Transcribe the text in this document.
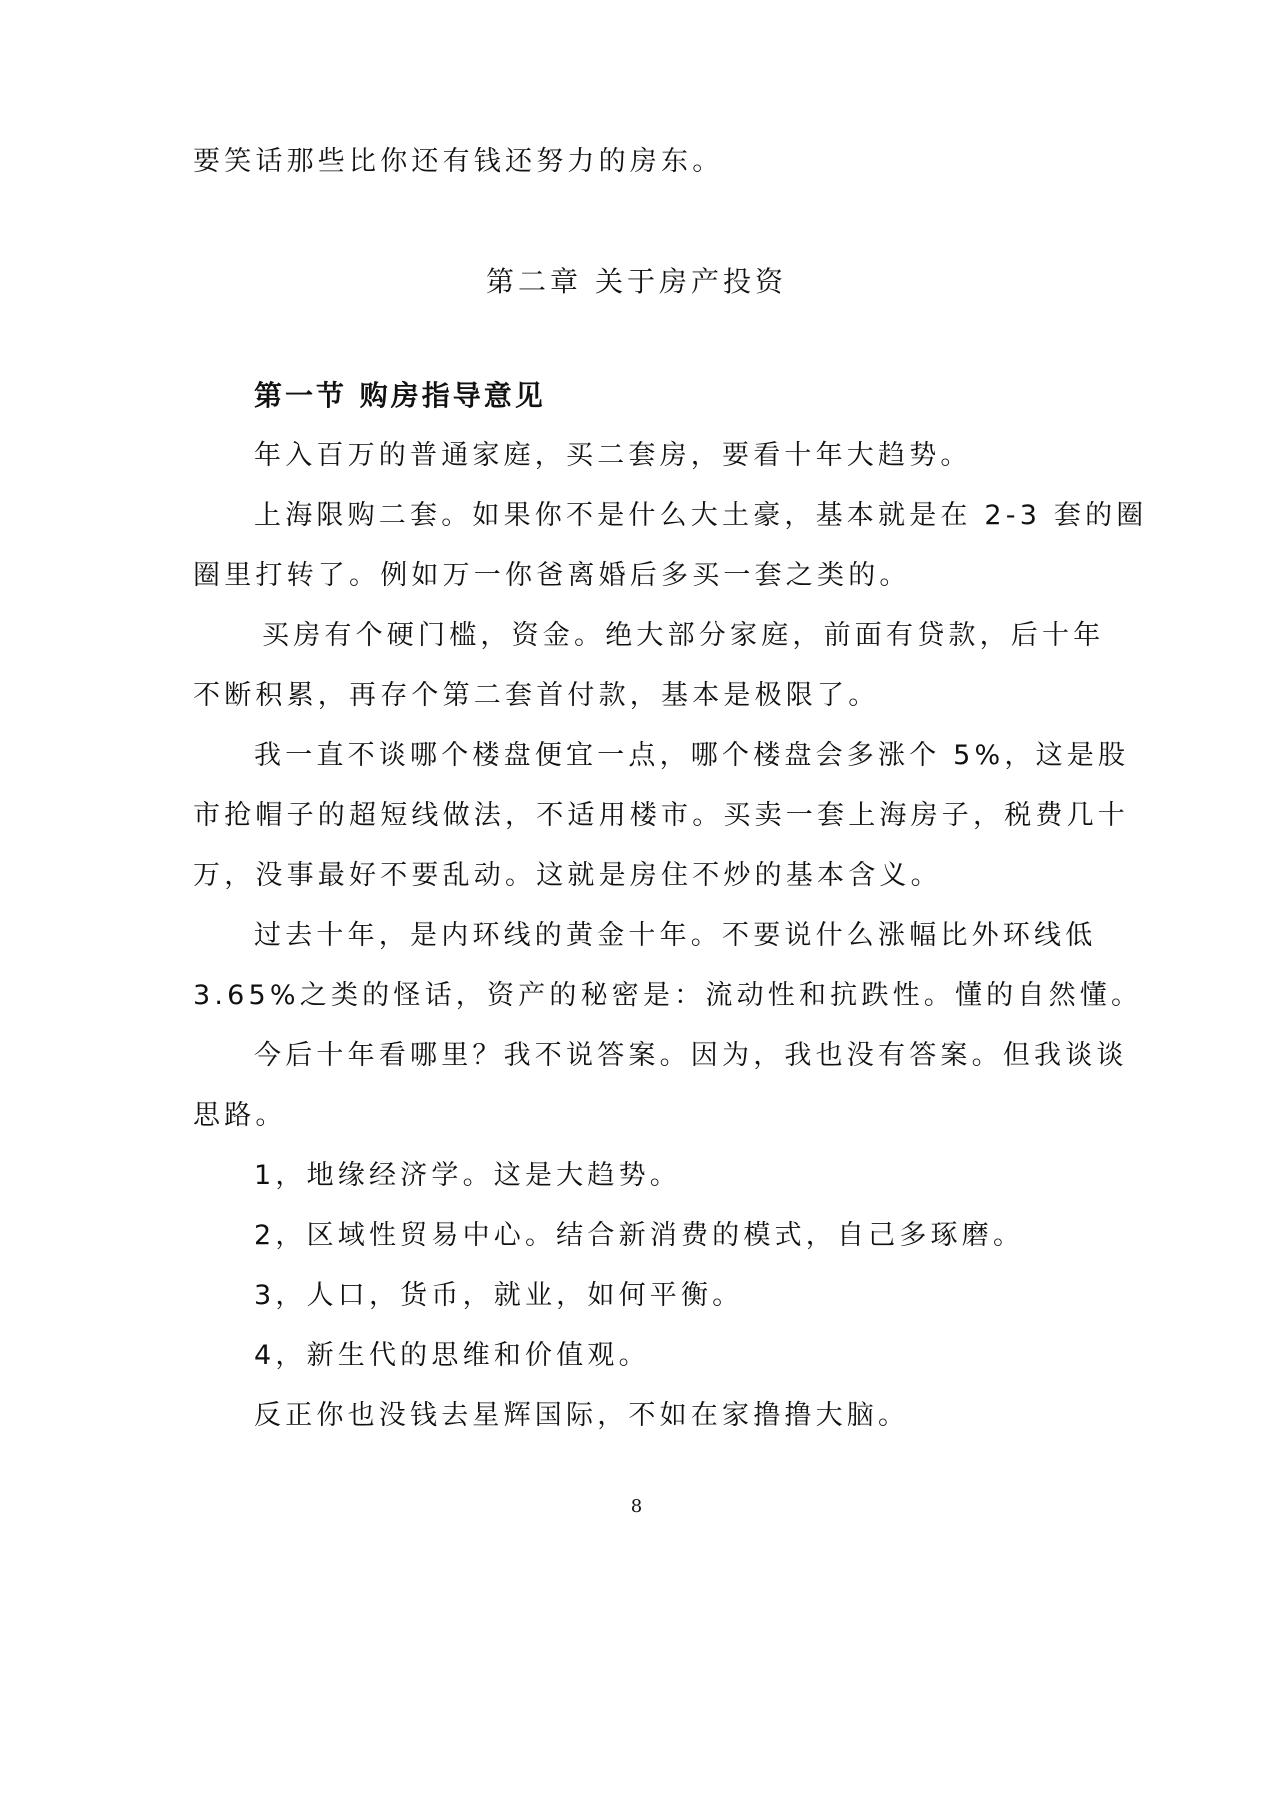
要笑话那些比你还有钱还努力的房东。
第二章 关于房产投资
第一节 购房指导意见
年入百万的普通家庭，买二套房，要看十年大趋势。
上海限购二套。如果你不是什么大土豪，基本就是在 2-3 套的圈
圈里打转了。例如万一你爸离婚后多买一套之类的。
买房有个硬门槛，资金。绝大部分家庭，前面有贷款，后十年
不断积累，再存个第二套首付款，基本是极限了。
我一直不谈哪个楼盘便宜一点，哪个楼盘会多涨个 5%，这是股
市抢帽子的超短线做法，不适用楼市。买卖一套上海房子，税费几十
万，没事最好不要乱动。这就是房住不炒的基本含义。
过去十年，是内环线的黄金十年。不要说什么涨幅比外环线低
3.65%之类的怪话，资产的秘密是：流动性和抗跌性。懂的自然懂。
今后十年看哪里？我不说答案。因为，我也没有答案。但我谈谈
思路。
1，地缘经济学。这是大趋势。
2，区域性贸易中心。结合新消费的模式，自己多琢磨。
3，人口，货币，就业，如何平衡。
4，新生代的思维和价值观。
反正你也没钱去星辉国际，不如在家撸撸大脑。
8
